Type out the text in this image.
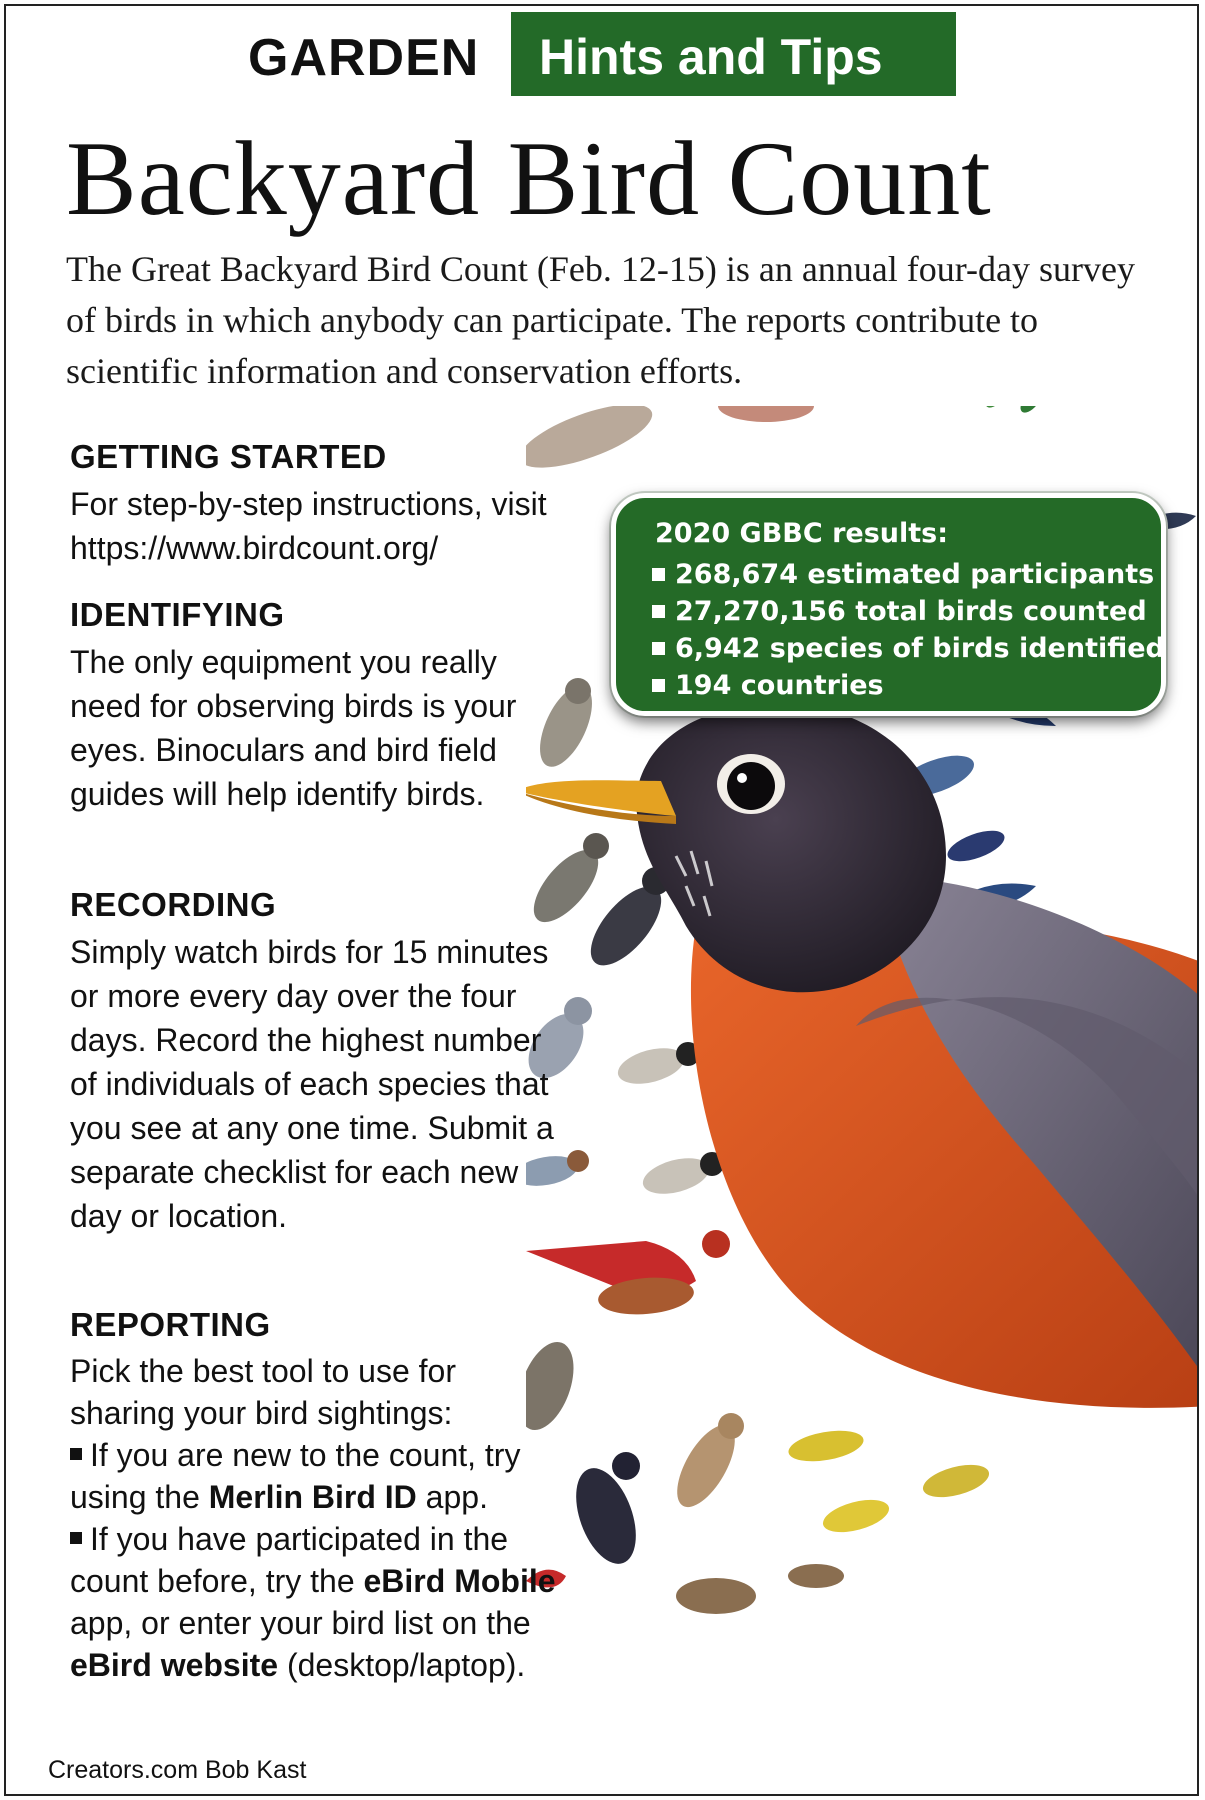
GARDEN Hints and Tips
Backyard Bird Count
The Great Backyard Bird Count (Feb. 12-15) is an annual four-day survey of birds in which anybody can participate. The reports contribute to scientific information and conservation efforts.
2020 GBBC results:
268,674 estimated participants
27,270,156 total birds counted
6,942 species of birds identified
194 countries

GETTING STARTED

For step-by-step instructions, visit https://www.birdcount.org/

IDENTIFYING

The only equipment you really need for observing birds is your eyes. Binoculars and bird field guides will help identify birds.

RECORDING

Simply watch birds for 15 minutes or more every day over the four days. Record the highest number of individuals of each species that you see at any one time. Submit a separate checklist for each new day or location.

REPORTING

Pick the best tool to use for sharing your bird sightings:

If you are new to the count, try using the Merlin Bird ID app.

If you have participated in the count before, try the eBird Mobile app, or enter your bird list on the eBird website (desktop/laptop).

Creators.com Bob Kast
